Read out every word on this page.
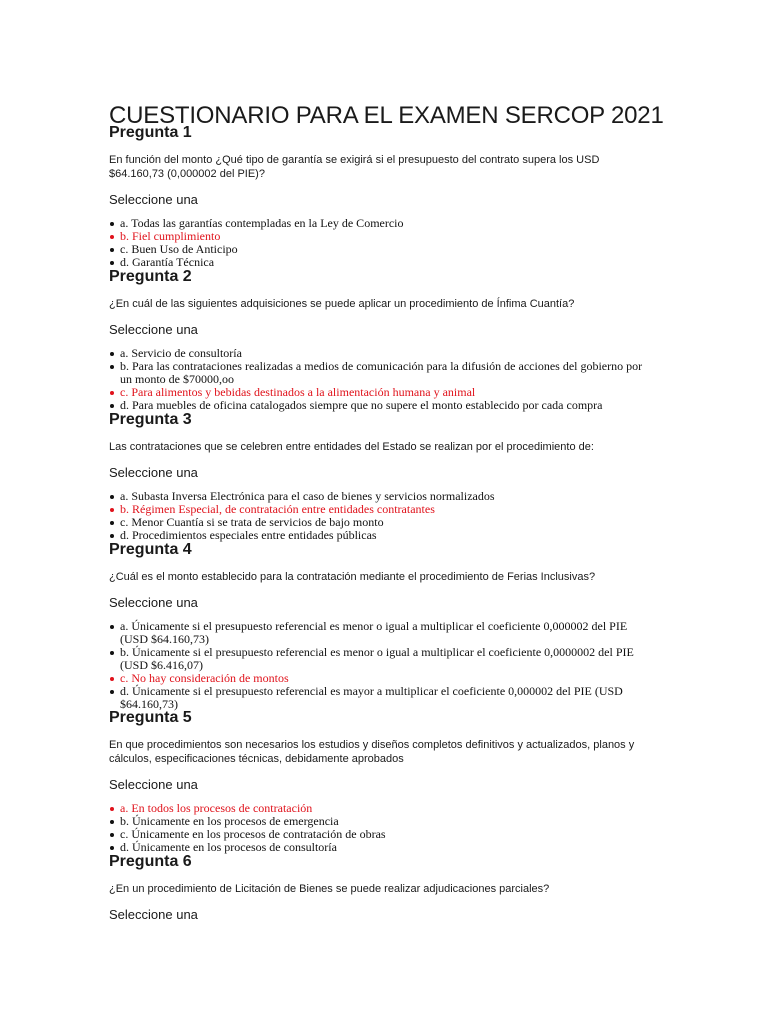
CUESTIONARIO PARA EL EXAMEN SERCOP 2021
Pregunta 1

En función del monto ¿Qué tipo de garantía se exigirá si el presupuesto del contrato supera los USD $64.160,73 (0,000002 del PIE)?

Seleccione una

a. Todas las garantías contempladas en la Ley de Comercio
b. Fiel cumplimiento
c. Buen Uso de Anticipo
d. Garantía Técnica
Pregunta 2

¿En cuál de las siguientes adquisiciones se puede aplicar un procedimiento de Ínfima Cuantía?

Seleccione una

a. Servicio de consultoría
b. Para las contrataciones realizadas a medios de comunicación para la difusión de acciones del gobierno por un monto de $70000,oo
c. Para alimentos y bebidas destinados a la alimentación humana y animal
d. Para muebles de oficina catalogados siempre que no supere el monto establecido por cada compra
Pregunta 3

Las contrataciones que se celebren entre entidades del Estado se realizan por el procedimiento de:

Seleccione una

a. Subasta Inversa Electrónica para el caso de bienes y servicios normalizados
b. Régimen Especial, de contratación entre entidades contratantes
c. Menor Cuantía si se trata de servicios de bajo monto
d. Procedimientos especiales entre entidades públicas
Pregunta 4

¿Cuál es el monto establecido para la contratación mediante el procedimiento de Ferias Inclusivas?

Seleccione una

a. Únicamente si el presupuesto referencial es menor o igual a multiplicar el coeficiente 0,000002 del PIE (USD $64.160,73)
b. Únicamente si el presupuesto referencial es menor o igual a multiplicar el coeficiente 0,0000002 del PIE (USD $6.416,07)
c. No hay consideración de montos
d. Únicamente si el presupuesto referencial es mayor a multiplicar el coeficiente 0,000002 del PIE (USD $64.160,73)
Pregunta 5

En que procedimientos son necesarios los estudios y diseños completos definitivos y actualizados, planos y cálculos, especificaciones técnicas, debidamente aprobados

Seleccione una

a. En todos los procesos de contratación
b. Únicamente en los procesos de emergencia
c. Únicamente en los procesos de contratación de obras
d. Únicamente en los procesos de consultoría
Pregunta 6

¿En un procedimiento de Licitación de Bienes se puede realizar adjudicaciones parciales?

Seleccione una
